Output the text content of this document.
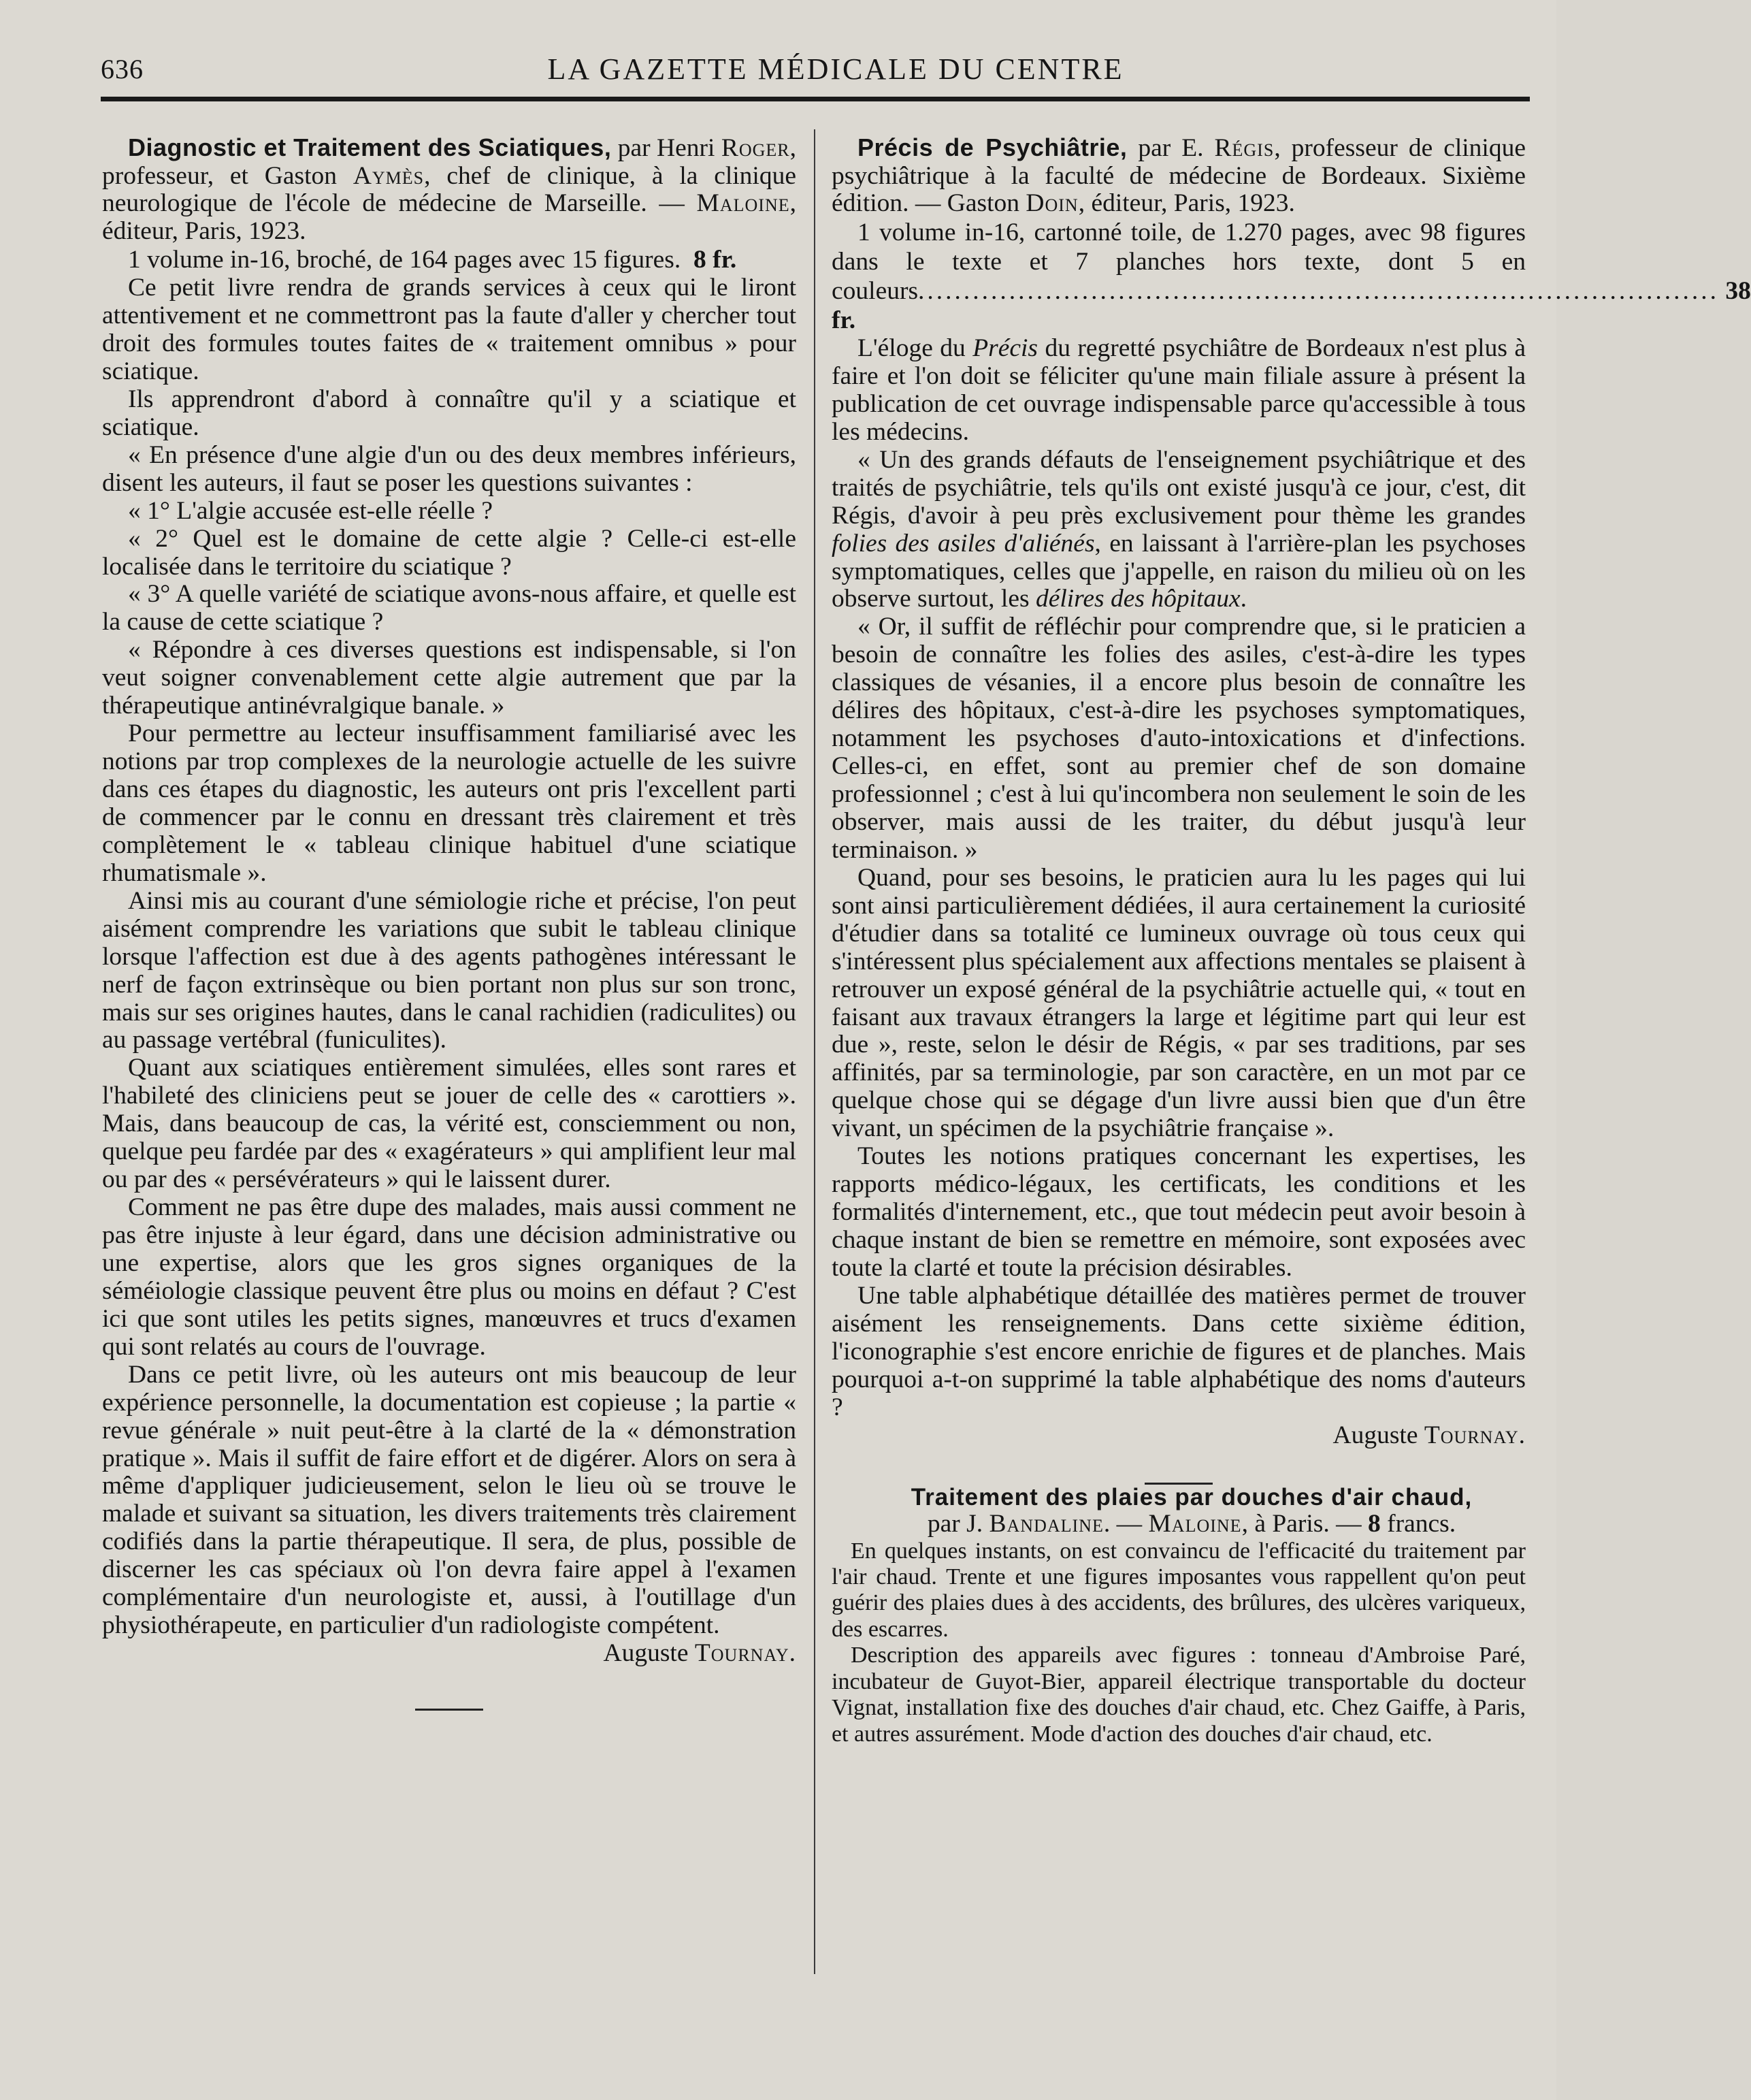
636	LA GAZETTE MÉDICALE DU CENTRE

Diagnostic et Traitement des Sciatiques, par Henri Roger, professeur, et Gaston Aymès, chef de clinique, à la clinique neurologique de l'école de médecine de Marseille. — Maloine, éditeur, Paris, 1923.

1 volume in-16, broché, de 164 pages avec 15 figures. 8 fr.

Ce petit livre rendra de grands services à ceux qui le liront attentivement et ne commettront pas la faute d'aller y chercher tout droit des formules toutes faites de « traitement omnibus » pour sciatique.

Ils apprendront d'abord à connaître qu'il y a sciatique et sciatique.

« En présence d'une algie d'un ou des deux membres inférieurs, disent les auteurs, il faut se poser les questions suivantes :

« 1° L'algie accusée est-elle réelle ?

« 2° Quel est le domaine de cette algie ? Celle-ci est-elle localisée dans le territoire du sciatique ?

« 3° A quelle variété de sciatique avons-nous affaire, et quelle est la cause de cette sciatique ?

« Répondre à ces diverses questions est indispensable, si l'on veut soigner convenablement cette algie autrement que par la thérapeutique antinévralgique banale. »

Pour permettre au lecteur insuffisamment familiarisé avec les notions par trop complexes de la neurologie actuelle de les suivre dans ces étapes du diagnostic, les auteurs ont pris l'excellent parti de commencer par le connu en dressant très clairement et très complètement le « tableau clinique habituel d'une sciatique rhumatismale ».

Ainsi mis au courant d'une sémiologie riche et précise, l'on peut aisément comprendre les variations que subit le tableau clinique lorsque l'affection est due à des agents pathogènes intéressant le nerf de façon extrinsèque ou bien portant non plus sur son tronc, mais sur ses origines hautes, dans le canal rachidien (radiculites) ou au passage vertébral (funiculites).

Quant aux sciatiques entièrement simulées, elles sont rares et l'habileté des cliniciens peut se jouer de celle des « carottiers ». Mais, dans beaucoup de cas, la vérité est, consciemment ou non, quelque peu fardée par des « exagérateurs » qui amplifient leur mal ou par des « persévérateurs » qui le laissent durer.

Comment ne pas être dupe des malades, mais aussi comment ne pas être injuste à leur égard, dans une décision administrative ou une expertise, alors que les gros signes organiques de la séméiologie classique peuvent être plus ou moins en défaut ? C'est ici que sont utiles les petits signes, manœuvres et trucs d'examen qui sont relatés au cours de l'ouvrage.

Dans ce petit livre, où les auteurs ont mis beaucoup de leur expérience personnelle, la documentation est copieuse ; la partie « revue générale » nuit peut-être à la clarté de la « démonstration pratique ». Mais il suffit de faire effort et de digérer. Alors on sera à même d'appliquer judicieusement, selon le lieu où se trouve le malade et suivant sa situation, les divers traitements très clairement codifiés dans la partie thérapeutique. Il sera, de plus, possible de discerner les cas spéciaux où l'on devra faire appel à l'examen complémentaire d'un neurologiste et, aussi, à l'outillage d'un physiothérapeute, en particulier d'un radiologiste compétent.

Auguste Tournay.

Précis de Psychiâtrie, par E. Régis, professeur de clinique psychiâtrique à la faculté de médecine de Bordeaux. Sixième édition. — Gaston Doin, éditeur, Paris, 1923.

1 volume in-16, cartonné toile, de 1.270 pages, avec 98 figures dans le texte et 7 planches hors texte, dont 5 en couleurs........................................................................................ 38 fr.

L'éloge du Précis du regretté psychiâtre de Bordeaux n'est plus à faire et l'on doit se féliciter qu'une main filiale assure à présent la publication de cet ouvrage indispensable parce qu'accessible à tous les médecins.

« Un des grands défauts de l'enseignement psychiâtrique et des traités de psychiâtrie, tels qu'ils ont existé jusqu'à ce jour, c'est, dit Régis, d'avoir à peu près exclusivement pour thème les grandes folies des asiles d'aliénés, en laissant à l'arrière-plan les psychoses symptomatiques, celles que j'appelle, en raison du milieu où on les observe surtout, les délires des hôpitaux.

« Or, il suffit de réfléchir pour comprendre que, si le praticien a besoin de connaître les folies des asiles, c'est-à-dire les types classiques de vésanies, il a encore plus besoin de connaître les délires des hôpitaux, c'est-à-dire les psychoses symptomatiques, notamment les psychoses d'auto-intoxications et d'infections. Celles-ci, en effet, sont au premier chef de son domaine professionnel ; c'est à lui qu'incombera non seulement le soin de les observer, mais aussi de les traiter, du début jusqu'à leur terminaison. »

Quand, pour ses besoins, le praticien aura lu les pages qui lui sont ainsi particulièrement dédiées, il aura certainement la curiosité d'étudier dans sa totalité ce lumineux ouvrage où tous ceux qui s'intéressent plus spécialement aux affections mentales se plaisent à retrouver un exposé général de la psychiâtrie actuelle qui, « tout en faisant aux travaux étrangers la large et légitime part qui leur est due », reste, selon le désir de Régis, « par ses traditions, par ses affinités, par sa terminologie, par son caractère, en un mot par ce quelque chose qui se dégage d'un livre aussi bien que d'un être vivant, un spécimen de la psychiâtrie française ».

Toutes les notions pratiques concernant les expertises, les rapports médico-légaux, les certificats, les conditions et les formalités d'internement, etc., que tout médecin peut avoir besoin à chaque instant de bien se remettre en mémoire, sont exposées avec toute la clarté et toute la précision désirables.

Une table alphabétique détaillée des matières permet de trouver aisément les renseignements. Dans cette sixième édition, l'iconographie s'est encore enrichie de figures et de planches. Mais pourquoi a-t-on supprimé la table alphabétique des noms d'auteurs ?

Auguste Tournay.

Traitement des plaies par douches d'air chaud,

par J. Bandaline. — Maloine, à Paris. — 8 francs.

En quelques instants, on est convaincu de l'efficacité du traitement par l'air chaud. Trente et une figures imposantes vous rappellent qu'on peut guérir des plaies dues à des accidents, des brûlures, des ulcères variqueux, des escarres.

Description des appareils avec figures : tonneau d'Ambroise Paré, incubateur de Guyot-Bier, appareil électrique transportable du docteur Vignat, installation fixe des douches d'air chaud, etc. Chez Gaiffe, à Paris, et autres assurément. Mode d'action des douches d'air chaud, etc.
